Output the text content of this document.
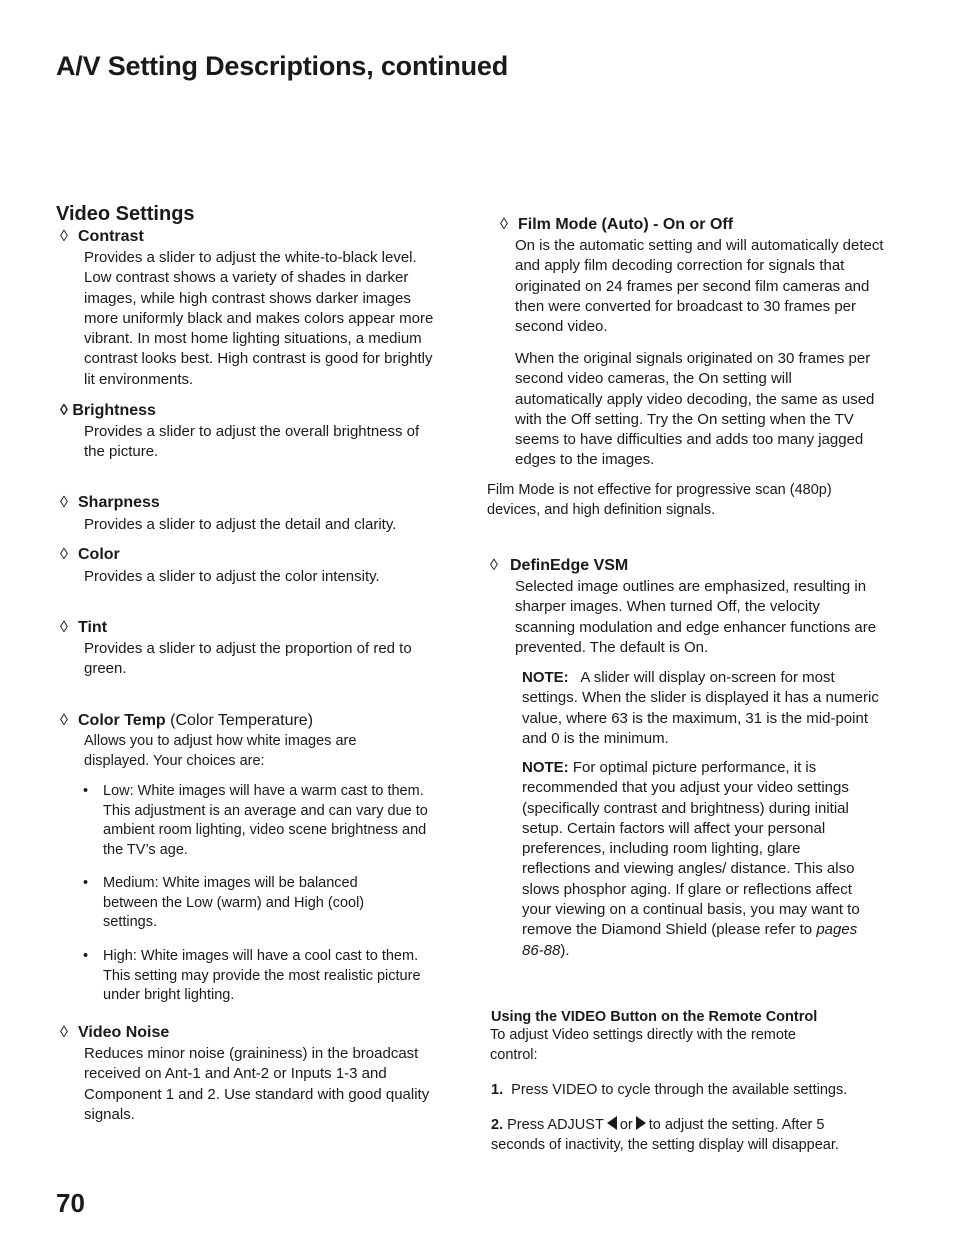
A/V Setting Descriptions, continued
Video Settings
◊ Contrast

Provides a slider to adjust the white-to-black level. Low contrast shows a variety of shades in darker images, while high contrast shows darker images more uniformly black and makes colors appear more vibrant. In most home lighting situations, a medium contrast looks best. High contrast is good for brightly lit environments.

◊ Brightness

Provides a slider to adjust the overall brightness of the picture.

◊ Sharpness

Provides a slider to adjust the detail and clarity.

◊ Color

Provides a slider to adjust the color intensity.

◊ Tint

Provides a slider to adjust the proportion of red to green.

◊ Color Temp (Color Temperature)

Allows you to adjust how white images are displayed. Your choices are:

• Low: White images will have a warm cast to them. This adjustment is an average and can vary due to ambient room lighting, video scene brightness and the TV’s age.

• Medium: White images will be balanced between the Low (warm) and High (cool) settings.

• High: White images will have a cool cast to them. This setting may provide the most realistic picture under bright lighting.

◊ Video Noise

Reduces minor noise (graininess) in the broadcast received on Ant-1 and Ant-2 or Inputs 1-3 and Component 1 and 2. Use standard with good quality signals.

◊ Film Mode (Auto) - On or Off

On is the automatic setting and will automatically detect and apply film decoding correction for signals that originated on 24 frames per second film cameras and then were converted for broadcast to 30 frames per second video.

When the original signals originated on 30 frames per second video cameras, the On setting will automatically apply video decoding, the same as used with the Off setting. Try the On setting when the TV seems to have difficulties and adds too many jagged edges to the images.

Film Mode is not effective for progressive scan (480p) devices, and high definition signals.

◊ DefinEdge VSM

Selected image outlines are emphasized, resulting in sharper images. When turned Off, the velocity scanning modulation and edge enhancer functions are prevented. The default is On.

NOTE: A slider will display on-screen for most settings. When the slider is displayed it has a numeric value, where 63 is the maximum, 31 is the mid-point and 0 is the minimum.

NOTE: For optimal picture performance, it is recommended that you adjust your video settings (specifically contrast and brightness) during initial setup. Certain factors will affect your personal preferences, including room lighting, glare reflections and viewing angles/ distance. This also slows phosphor aging. If glare or reflections affect your viewing on a continual basis, you may want to remove the Diamond Shield (please refer to pages 86-88).

Using the VIDEO Button on the Remote Control

To adjust Video settings directly with the remote control:

1. Press VIDEO to cycle through the available settings.

2. Press ADJUST or to adjust the setting. After 5 seconds of inactivity, the setting display will disappear.

70
